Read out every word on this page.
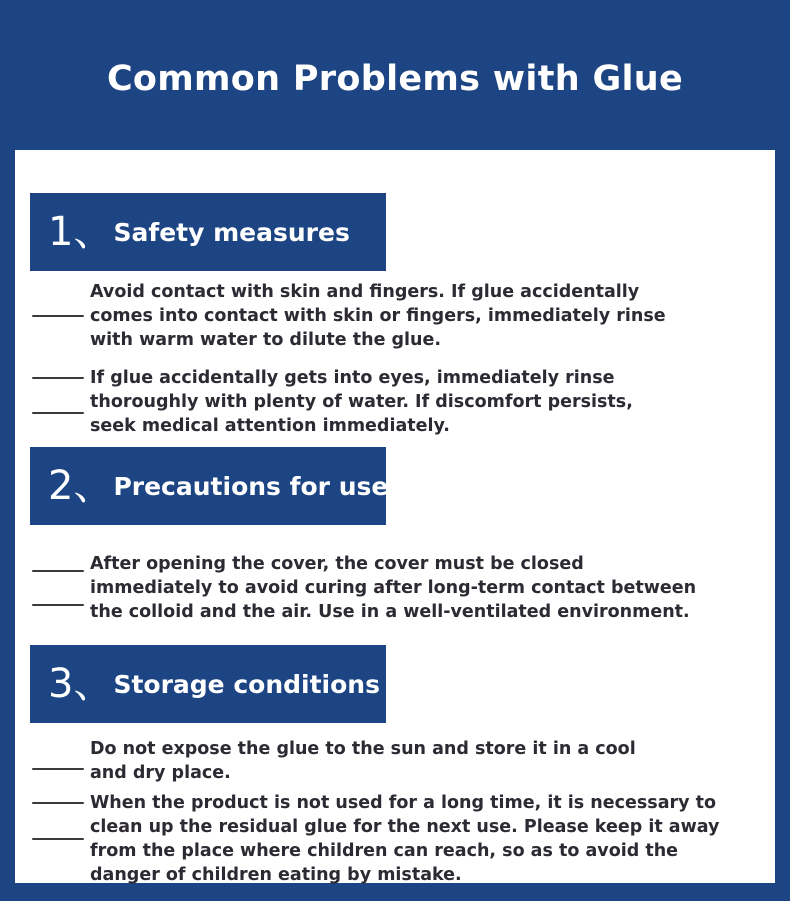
Common Problems with Glue
1、 Safety measures

Avoid contact with skin and fingers. If glue accidentally
comes into contact with skin or fingers, immediately rinse
with warm water to dilute the glue.

If glue accidentally gets into eyes, immediately rinse
thoroughly with plenty of water. If discomfort persists,
seek medical attention immediately.

2、 Precautions for use

After opening the cover, the cover must be closed
immediately to avoid curing after long-term contact between
the colloid and the air. Use in a well-ventilated environment.

3、 Storage conditions

Do not expose the glue to the sun and store it in a cool
and dry place.

When the product is not used for a long time, it is necessary to
clean up the residual glue for the next use. Please keep it away
from the place where children can reach, so as to avoid the
danger of children eating by mistake.
